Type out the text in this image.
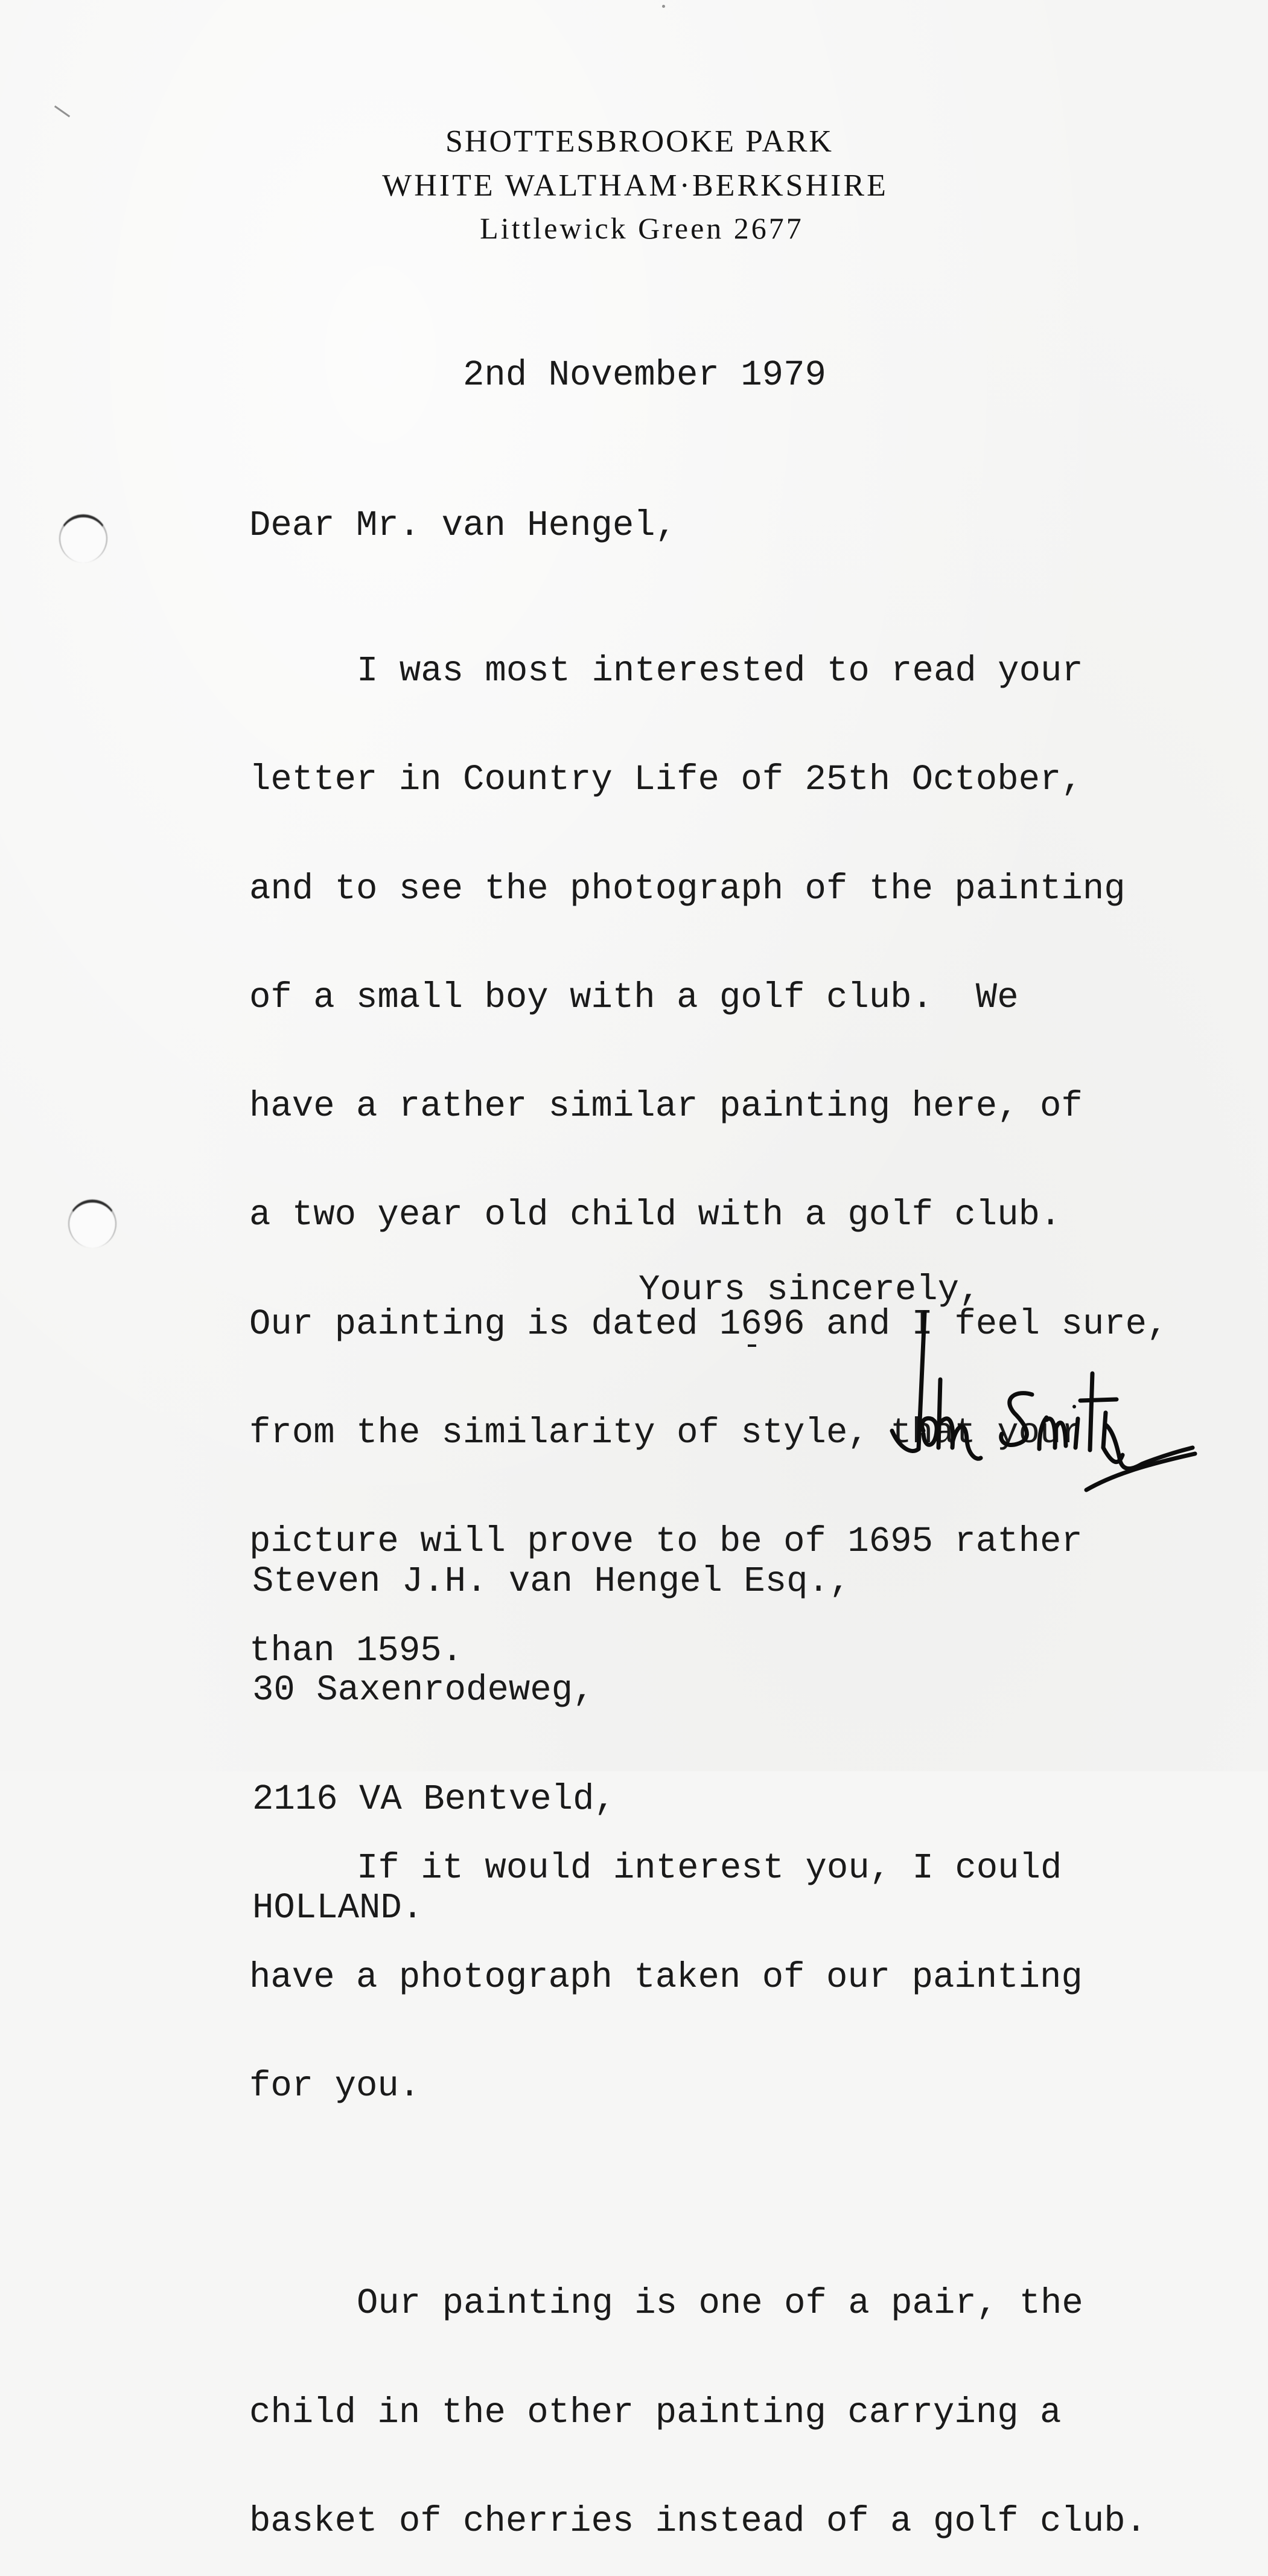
SHOTTESBROOKE PARK
WHITE WALTHAM·BERKSHIRE
Littlewick Green 2677
2nd November 1979
Dear Mr. van Hengel,

I was most interested to read your

letter in Country Life of 25th October,

and to see the photograph of the painting

of a small boy with a golf club.  We

have a rather similar painting here, of

a two year old child with a golf club.

Our painting is dated 1696 and I feel sure,

from the similarity of style, that your

picture will prove to be of 1695 rather

than 1595.

If it would interest you, I could

have a photograph taken of our painting

for you.

Our painting is one of a pair, the

child in the other painting carrying a

basket of cherries instead of a golf club.

Yours sincerely,

Steven J.H. van Hengel Esq.,

30 Saxenrodeweg,

2116 VA Bentveld,

HOLLAND.
